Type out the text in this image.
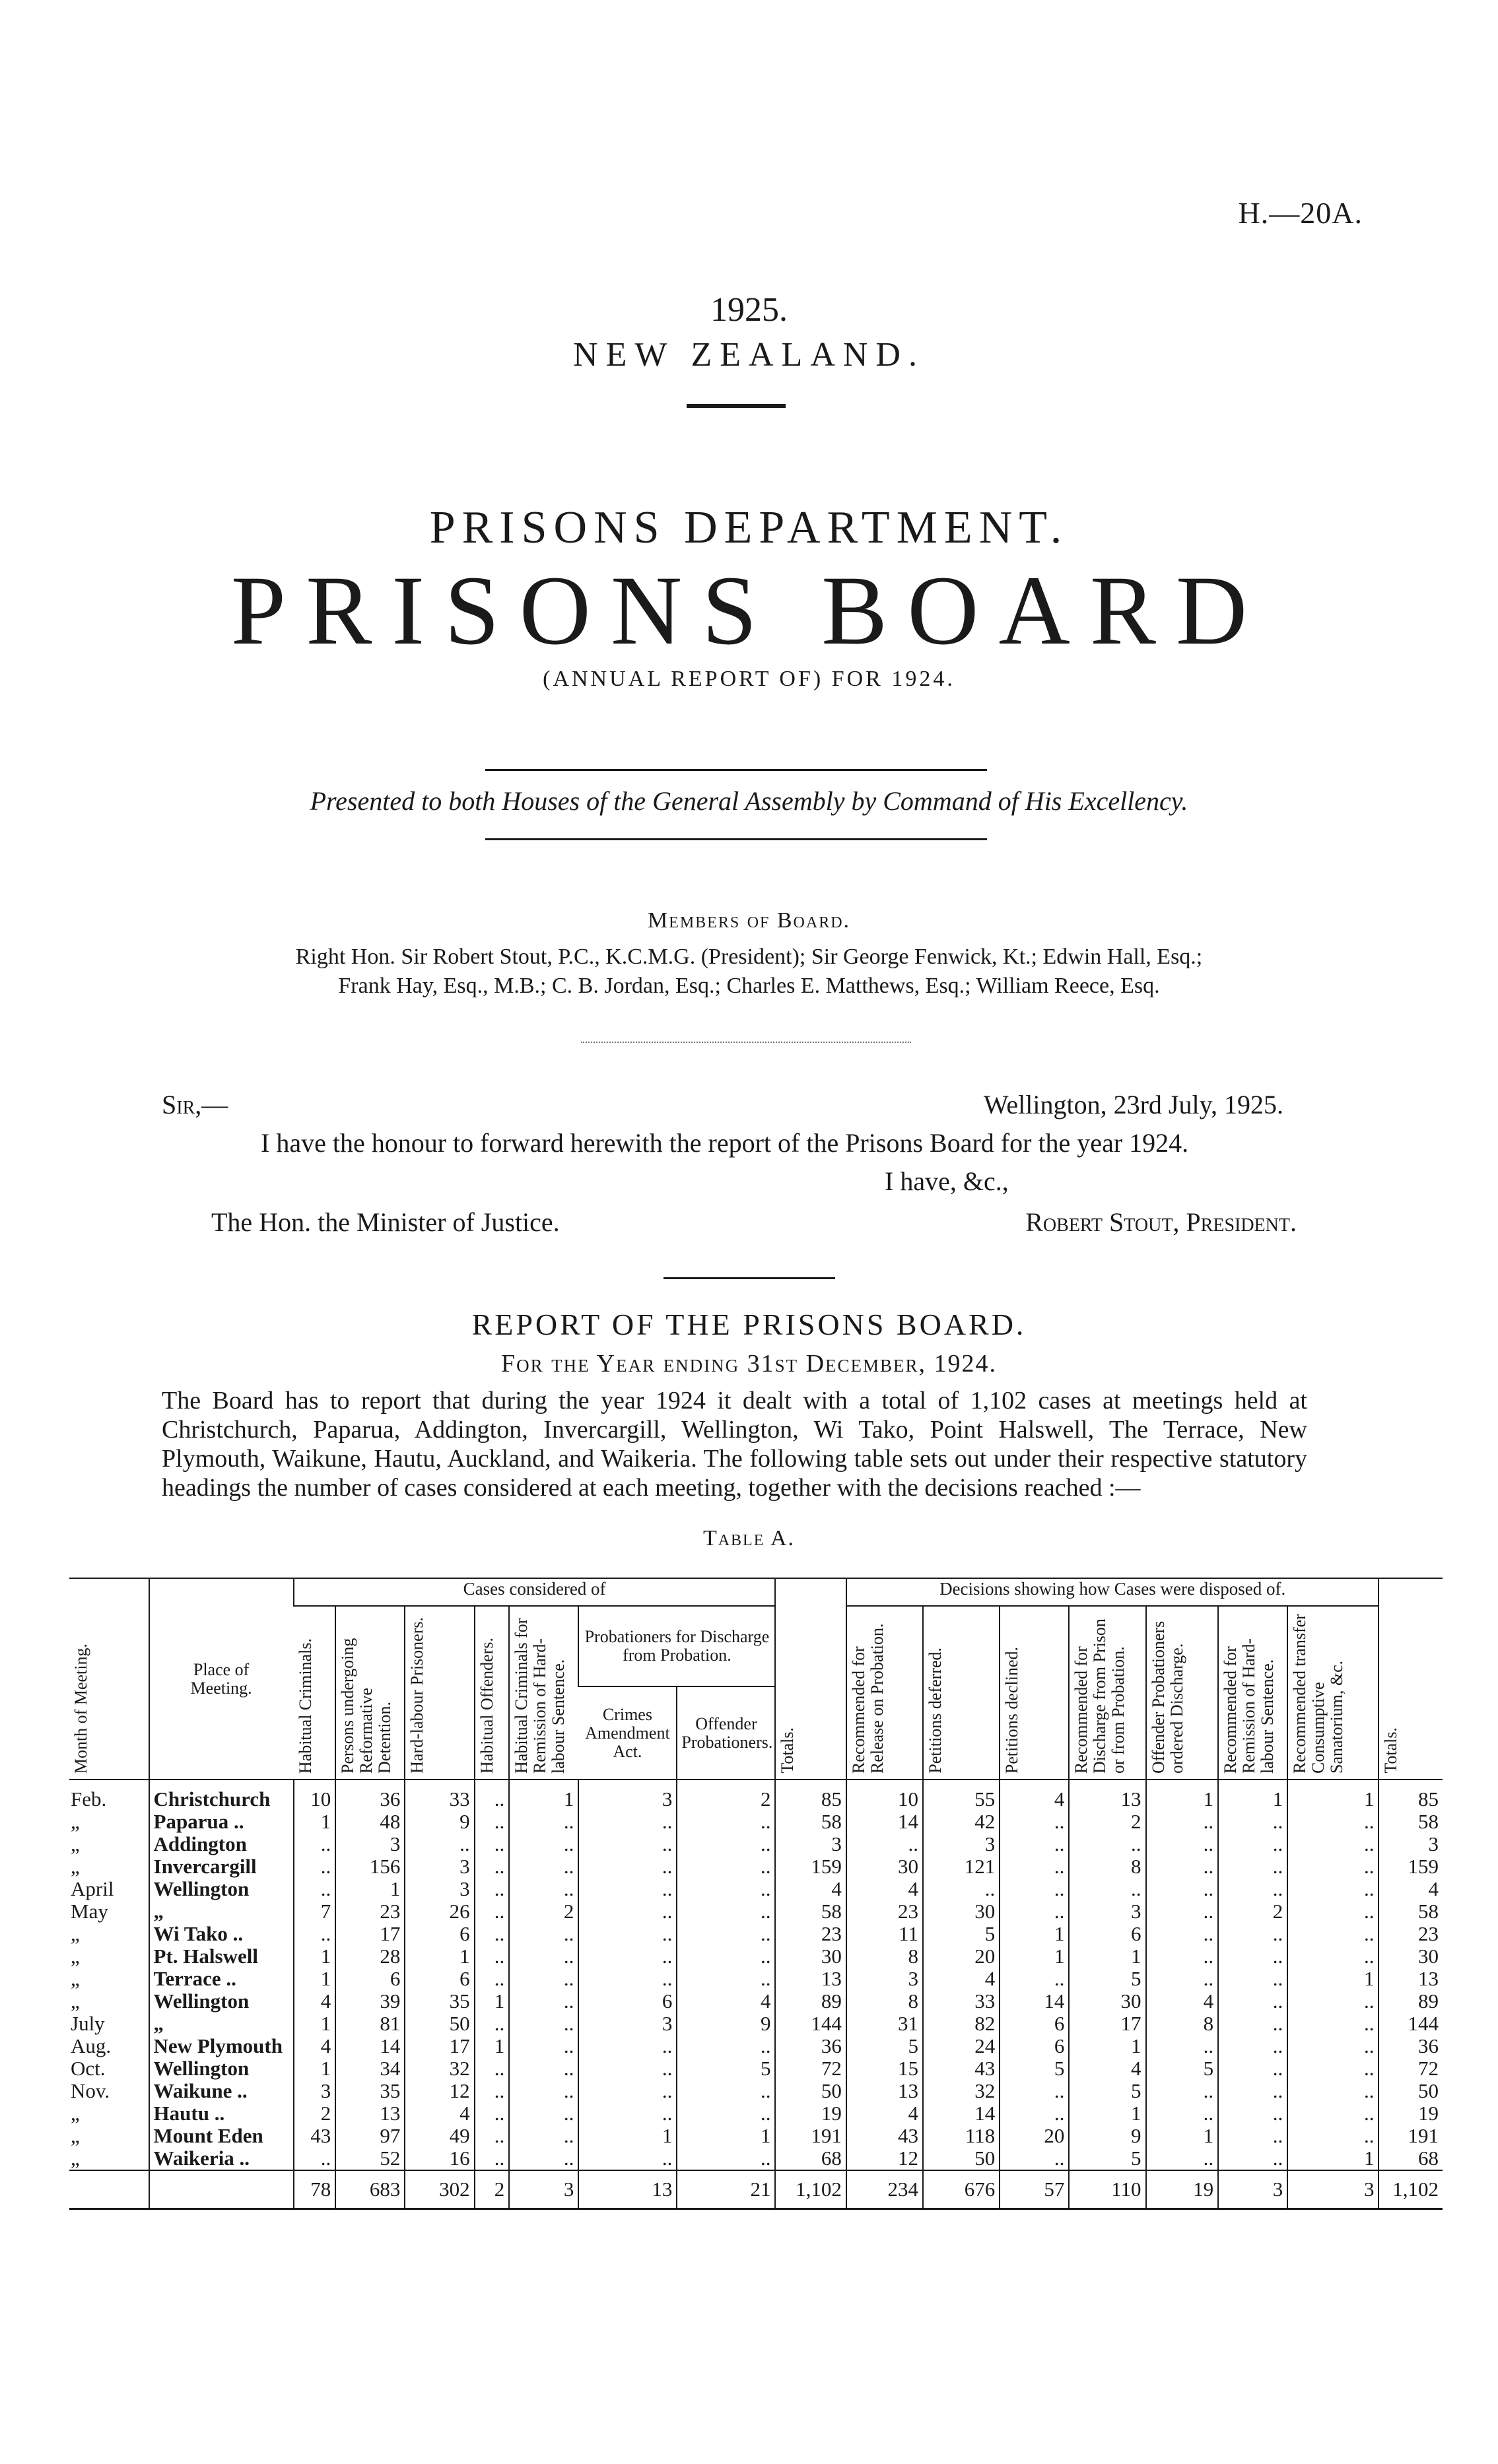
H.—20A.
1925.
NEW ZEALAND.
PRISONS DEPARTMENT.
PRISONS BOARD
(ANNUAL REPORT OF) FOR 1924.
Presented to both Houses of the General Assembly by Command of His Excellency.
Members of Board.
Right Hon. Sir Robert Stout, P.C., K.C.M.G. (President); Sir George Fenwick, Kt.; Edwin Hall, Esq.;
Frank Hay, Esq., M.B.; C. B. Jordan, Esq.; Charles E. Matthews, Esq.; William Reece, Esq.
Sir,—	Wellington, 23rd July, 1925.
I have the honour to forward herewith the report of the Prisons Board for the year 1924.
I have, &c.,
The Hon. the Minister of Justice.	Robert Stout, President.
REPORT OF THE PRISONS BOARD.
For the Year ending 31st December, 1924.
The Board has to report that during the year 1924 it dealt with a total of 1,102 cases at meetings held at Christchurch, Paparua, Addington, Invercargill, Wellington, Wi Tako, Point Halswell, The Terrace, New Plymouth, Waikune, Hautu, Auckland, and Waikeria. The following table sets out under their respective statutory headings the number of cases considered at each meeting, together with the decisions reached :—
Table A.
Month of Meeting.	Place of Meeting.	Cases considered of							Totals.	Decisions showing how Cases were disposed of.							Totals.

		Habitual Criminals.	Persons undergoing Reformative Detention.	Hard-labour Prisoners.	Habitual Offenders.	Habitual Criminals for Remission of Hard-labour Sentence.	Probationers for Discharge from Probation.			Recommended for Release on Probation.	Petitions deferred.	Petitions declined.	Recommended for Discharge from Prison or from Probation.	Offender Probationers ordered Discharge.	Recommended for Remission of Hard-labour Sentence.	Recommended transfer Consumptive Sanatorium, &c.	

							Crimes Amendment Act.	Offender Probationers.									
Feb.	Christchurch	10	36	33	..	1	3	2	85	10	55	4	13	1	1	1	85
„	Paparua ..	1	48	9	..	..	..	..	58	14	42	..	2	..	..	..	58
„	Addington	..	3	..	..	..	..	..	3	..	3	..	..	..	..	..	3
„	Invercargill	..	156	3	..	..	..	..	159	30	121	..	8	..	..	..	159
April	Wellington	..	1	3	..	..	..	..	4	4	..	..	..	..	..	..	4
May	„	7	23	26	..	2	..	..	58	23	30	..	3	..	2	..	58
„	Wi Tako ..	..	17	6	..	..	..	..	23	11	5	1	6	..	..	..	23
„	Pt. Halswell	1	28	1	..	..	..	..	30	8	20	1	1	..	..	..	30
„	Terrace ..	1	6	6	..	..	..	..	13	3	4	..	5	..	..	1	13
„	Wellington	4	39	35	1	..	6	4	89	8	33	14	30	4	..	..	89
July	„	1	81	50	..	..	3	9	144	31	82	6	17	8	..	..	144
Aug.	New Plymouth	4	14	17	1	..	..	..	36	5	24	6	1	..	..	..	36
Oct.	Wellington	1	34	32	..	..	..	5	72	15	43	5	4	5	..	..	72
Nov.	Waikune ..	3	35	12	..	..	..	..	50	13	32	..	5	..	..	..	50
„	Hautu ..	2	13	4	..	..	..	..	19	4	14	..	1	..	..	..	19
„	Mount Eden	43	97	49	..	..	1	1	191	43	118	20	9	1	..	..	191
„	Waikeria ..	..	52	16	..	..	..	..	68	12	50	..	5	..	..	1	68
		78	683	302	2	3	13	21	1,102	234	676	57	110	19	3	3	1,102
